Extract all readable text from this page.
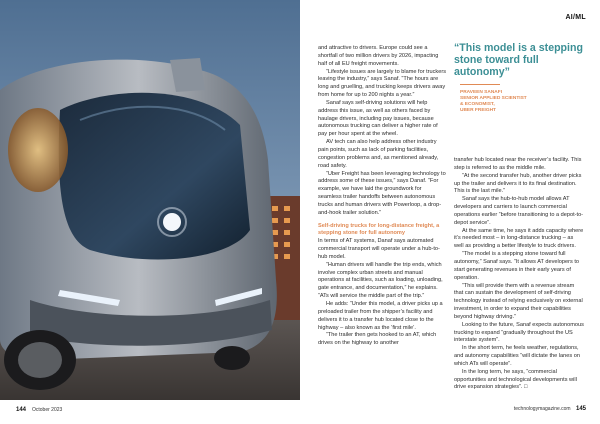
144 October 2023
AI/ML

and attractive to drivers. Europe could see a shortfall of two million drivers by 2026, impacting half of all EU freight movements.

“Lifestyle issues are largely to blame for truckers leaving the industry,” says Sanaf. “The hours are long and gruelling, and trucking keeps drivers away from home for up to 200 nights a year.”

Sanaf says self-driving solutions will help address this issue, as well as others faced by haulage drivers, including pay issues, because autonomous trucking can deliver a higher rate of pay per hour spent at the wheel.

AV tech can also help address other industry pain points, such as lack of parking facilities, congestion problems and, as mentioned already, road safety.

“Uber Freight has been leveraging technology to address some of these issues,” says Danaf. “For example, we have laid the groundwork for seamless trailer handoffs between autonomous trucks and human drivers with Powerloop, a drop-and-hook trailer solution.”

Self-driving trucks for long-distance freight, a stepping stone for full autonomy

In terms of AT systems, Danaf says automated commercial transport will operate under a hub-to-hub model.

“Human drivers will handle the trip ends, which involve complex urban streets and manual operations at facilities, such as loading, unloading, gate entrance, and documentation,” he explains. “ATs will service the middle part of the trip.”

He adds: “Under this model, a driver picks up a preloaded trailer from the shipper’s facility and delivers it to a transfer hub located close to the highway – also known as the ‘first mile’.

“The trailer then gets hooked to an AT, which drives on the highway to another

“This model is a stepping stone toward full autonomy”
PRAVEEN SANAFI
SENIOR APPLIED SCIENTIST
& ECONOMIST,
UBER FREIGHT

transfer hub located near the receiver’s facility. This step is referred to as the middle mile.

“At the second transfer hub, another driver picks up the trailer and delivers it to its final destination. This is the last mile.”

Sanaf says the hub-to-hub model allows AT developers and carriers to launch commercial operations earlier “before transitioning to a depot-to-depot service”.

At the same time, he says it adds capacity where it’s needed most – in long-distance trucking – as well as providing a better lifestyle to truck drivers.

“The model is a stepping stone toward full autonomy,” Sanaf says. “It allows AT developers to start generating revenues in their early years of operation.

“This will provide them with a revenue stream that can sustain the development of self-driving technology instead of relying exclusively on external investment, in order to expand their capabilities beyond highway driving.”

Looking to the future, Sanaf expects autonomous trucking to expand “gradually throughout the US interstate system”.

In the short term, he feels weather, regulations, and autonomy capabilities “will dictate the lanes on which ATs will operate”.

In the long term, he says, “commercial opportunities and technological developments will drive expansion strategies”. □

technologymagazine.com 145
